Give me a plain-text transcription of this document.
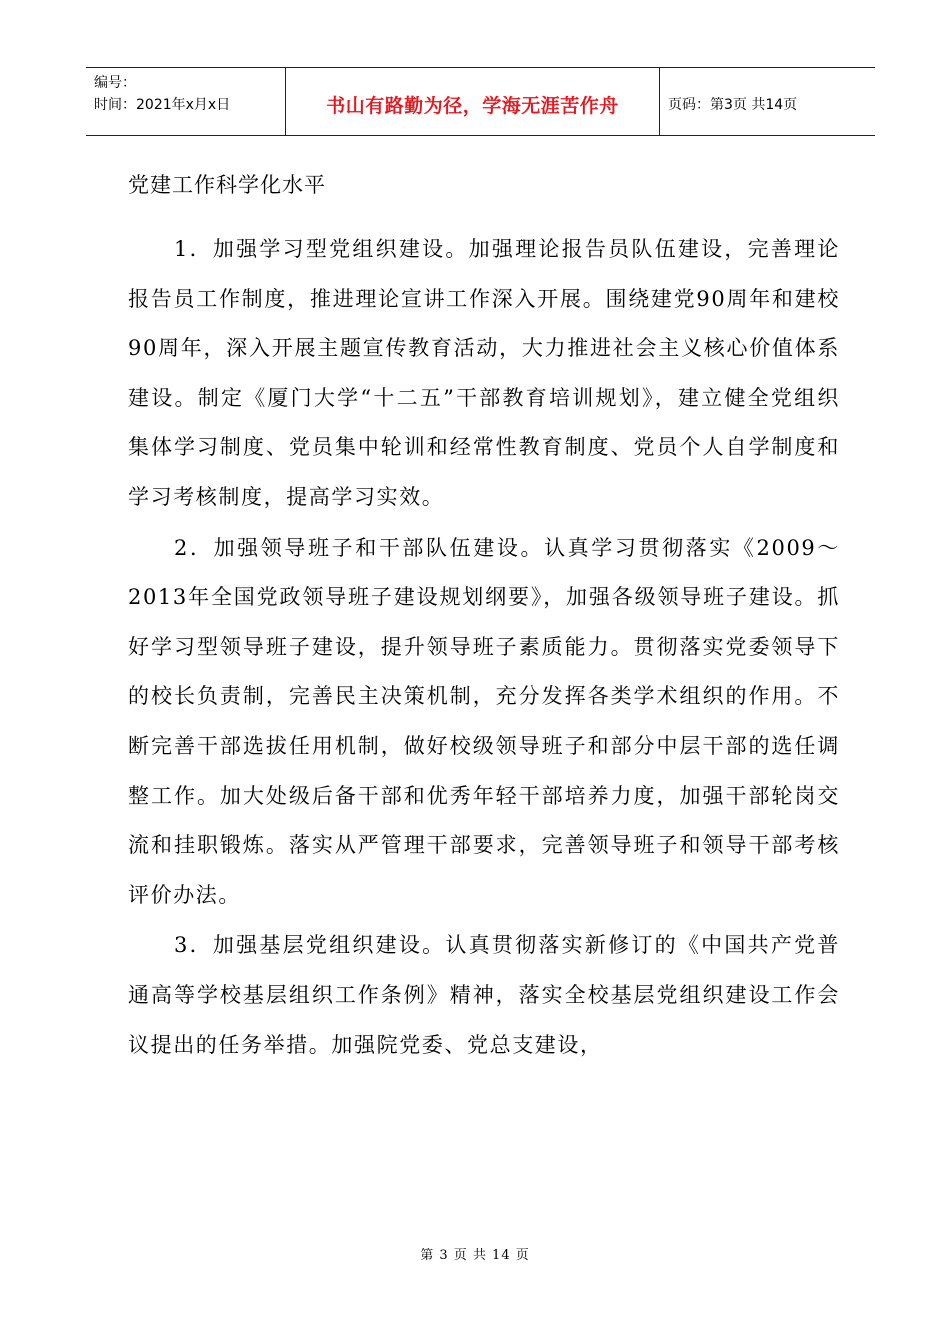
编号：
时间：2021年x月x日	书山有路勤为径，学海无涯苦作舟	页码：第3页 共14页
党建工作科学化水平

1．加强学习型党组织建设。加强理论报告员队伍建设，完善理论报告员工作制度，推进理论宣讲工作深入开展。围绕建党90周年和建校90周年，深入开展主题宣传教育活动，大力推进社会主义核心价值体系建设。制定《厦门大学“十二五”干部教育培训规划》，建立健全党组织集体学习制度、党员集中轮训和经常性教育制度、党员个人自学制度和学习考核制度，提高学习实效。

2．加强领导班子和干部队伍建设。认真学习贯彻落实《2009～2013年全国党政领导班子建设规划纲要》，加强各级领导班子建设。抓好学习型领导班子建设，提升领导班子素质能力。贯彻落实党委领导下的校长负责制，完善民主决策机制，充分发挥各类学术组织的作用。不断完善干部选拔任用机制，做好校级领导班子和部分中层干部的选任调整工作。加大处级后备干部和优秀年轻干部培养力度，加强干部轮岗交流和挂职锻炼。落实从严管理干部要求，完善领导班子和领导干部考核评价办法。

3．加强基层党组织建设。认真贯彻落实新修订的《中国共产党普通高等学校基层组织工作条例》精神，落实全校基层党组织建设工作会议提出的任务举措。加强院党委、党总支建设，

第 3 页 共 14 页
